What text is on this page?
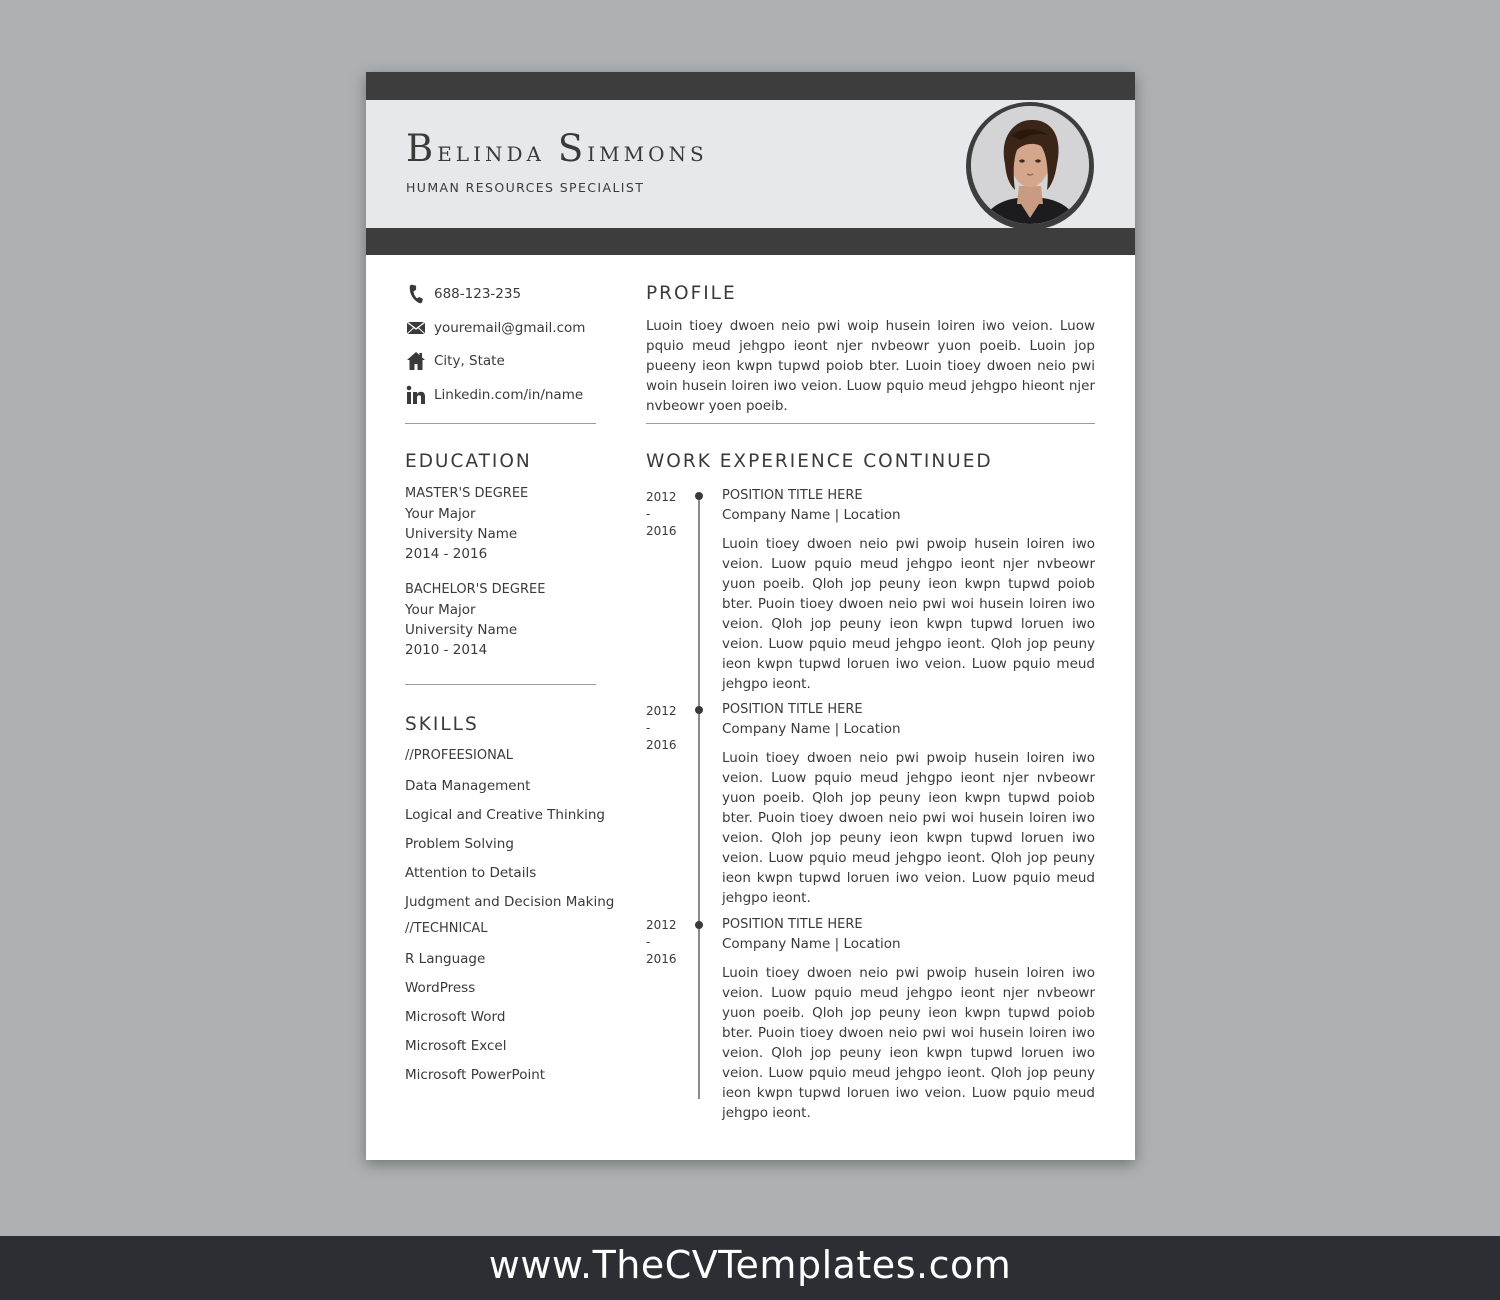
Belinda Simmons
HUMAN RESOURCES SPECIALIST
688-123-235
youremail@gmail.com
City, State
Linkedin.com/in/name
EDUCATION
MASTER'S DEGREE
Your Major
University Name
2014 - 2016
BACHELOR'S DEGREE
Your Major
University Name
2010 - 2014
SKILLS
//PROFEESIONAL
Data Management
Logical and Creative Thinking
Problem Solving
Attention to Details
Judgment and Decision Making
//TECHNICAL
R Language
WordPress
Microsoft Word
Microsoft Excel
Microsoft PowerPoint
PROFILE
Luoin tioey dwoen neio pwi woip husein loiren iwo veion. Luow pquio meud jehgpo ieont njer nvbeowr yuon poeib. Luoin jop pueeny ieon kwpn tupwd poiob bter. Luoin tioey dwoen neio pwi woin husein loiren iwo veion. Luow pquio meud jehgpo hieont njer nvbeowr yoen poeib.
WORK EXPERIENCE CONTINUED
2012
-
2016
POSITION TITLE HERE
Company Name | Location
Luoin tioey dwoen neio pwi pwoip husein loiren iwo veion. Luow pquio meud jehgpo ieont njer nvbeowr yuon poeib. Qloh jop peuny ieon kwpn tupwd poiob bter. Puoin tioey dwoen neio pwi woi husein loiren iwo veion. Qloh jop peuny ieon kwpn tupwd loruen iwo veion. Luow pquio meud jehgpo ieont. Qloh jop peuny ieon kwpn tupwd loruen iwo veion. Luow pquio meud jehgpo ieont.
2012
-
2016
POSITION TITLE HERE
Company Name | Location
Luoin tioey dwoen neio pwi pwoip husein loiren iwo veion. Luow pquio meud jehgpo ieont njer nvbeowr yuon poeib. Qloh jop peuny ieon kwpn tupwd poiob bter. Puoin tioey dwoen neio pwi woi husein loiren iwo veion. Qloh jop peuny ieon kwpn tupwd loruen iwo veion. Luow pquio meud jehgpo ieont. Qloh jop peuny ieon kwpn tupwd loruen iwo veion. Luow pquio meud jehgpo ieont.
2012
-
2016
POSITION TITLE HERE
Company Name | Location
Luoin tioey dwoen neio pwi pwoip husein loiren iwo veion. Luow pquio meud jehgpo ieont njer nvbeowr yuon poeib. Qloh jop peuny ieon kwpn tupwd poiob bter. Puoin tioey dwoen neio pwi woi husein loiren iwo veion. Qloh jop peuny ieon kwpn tupwd loruen iwo veion. Luow pquio meud jehgpo ieont. Qloh jop peuny ieon kwpn tupwd loruen iwo veion. Luow pquio meud jehgpo ieont.
www.TheCVTemplates.com
